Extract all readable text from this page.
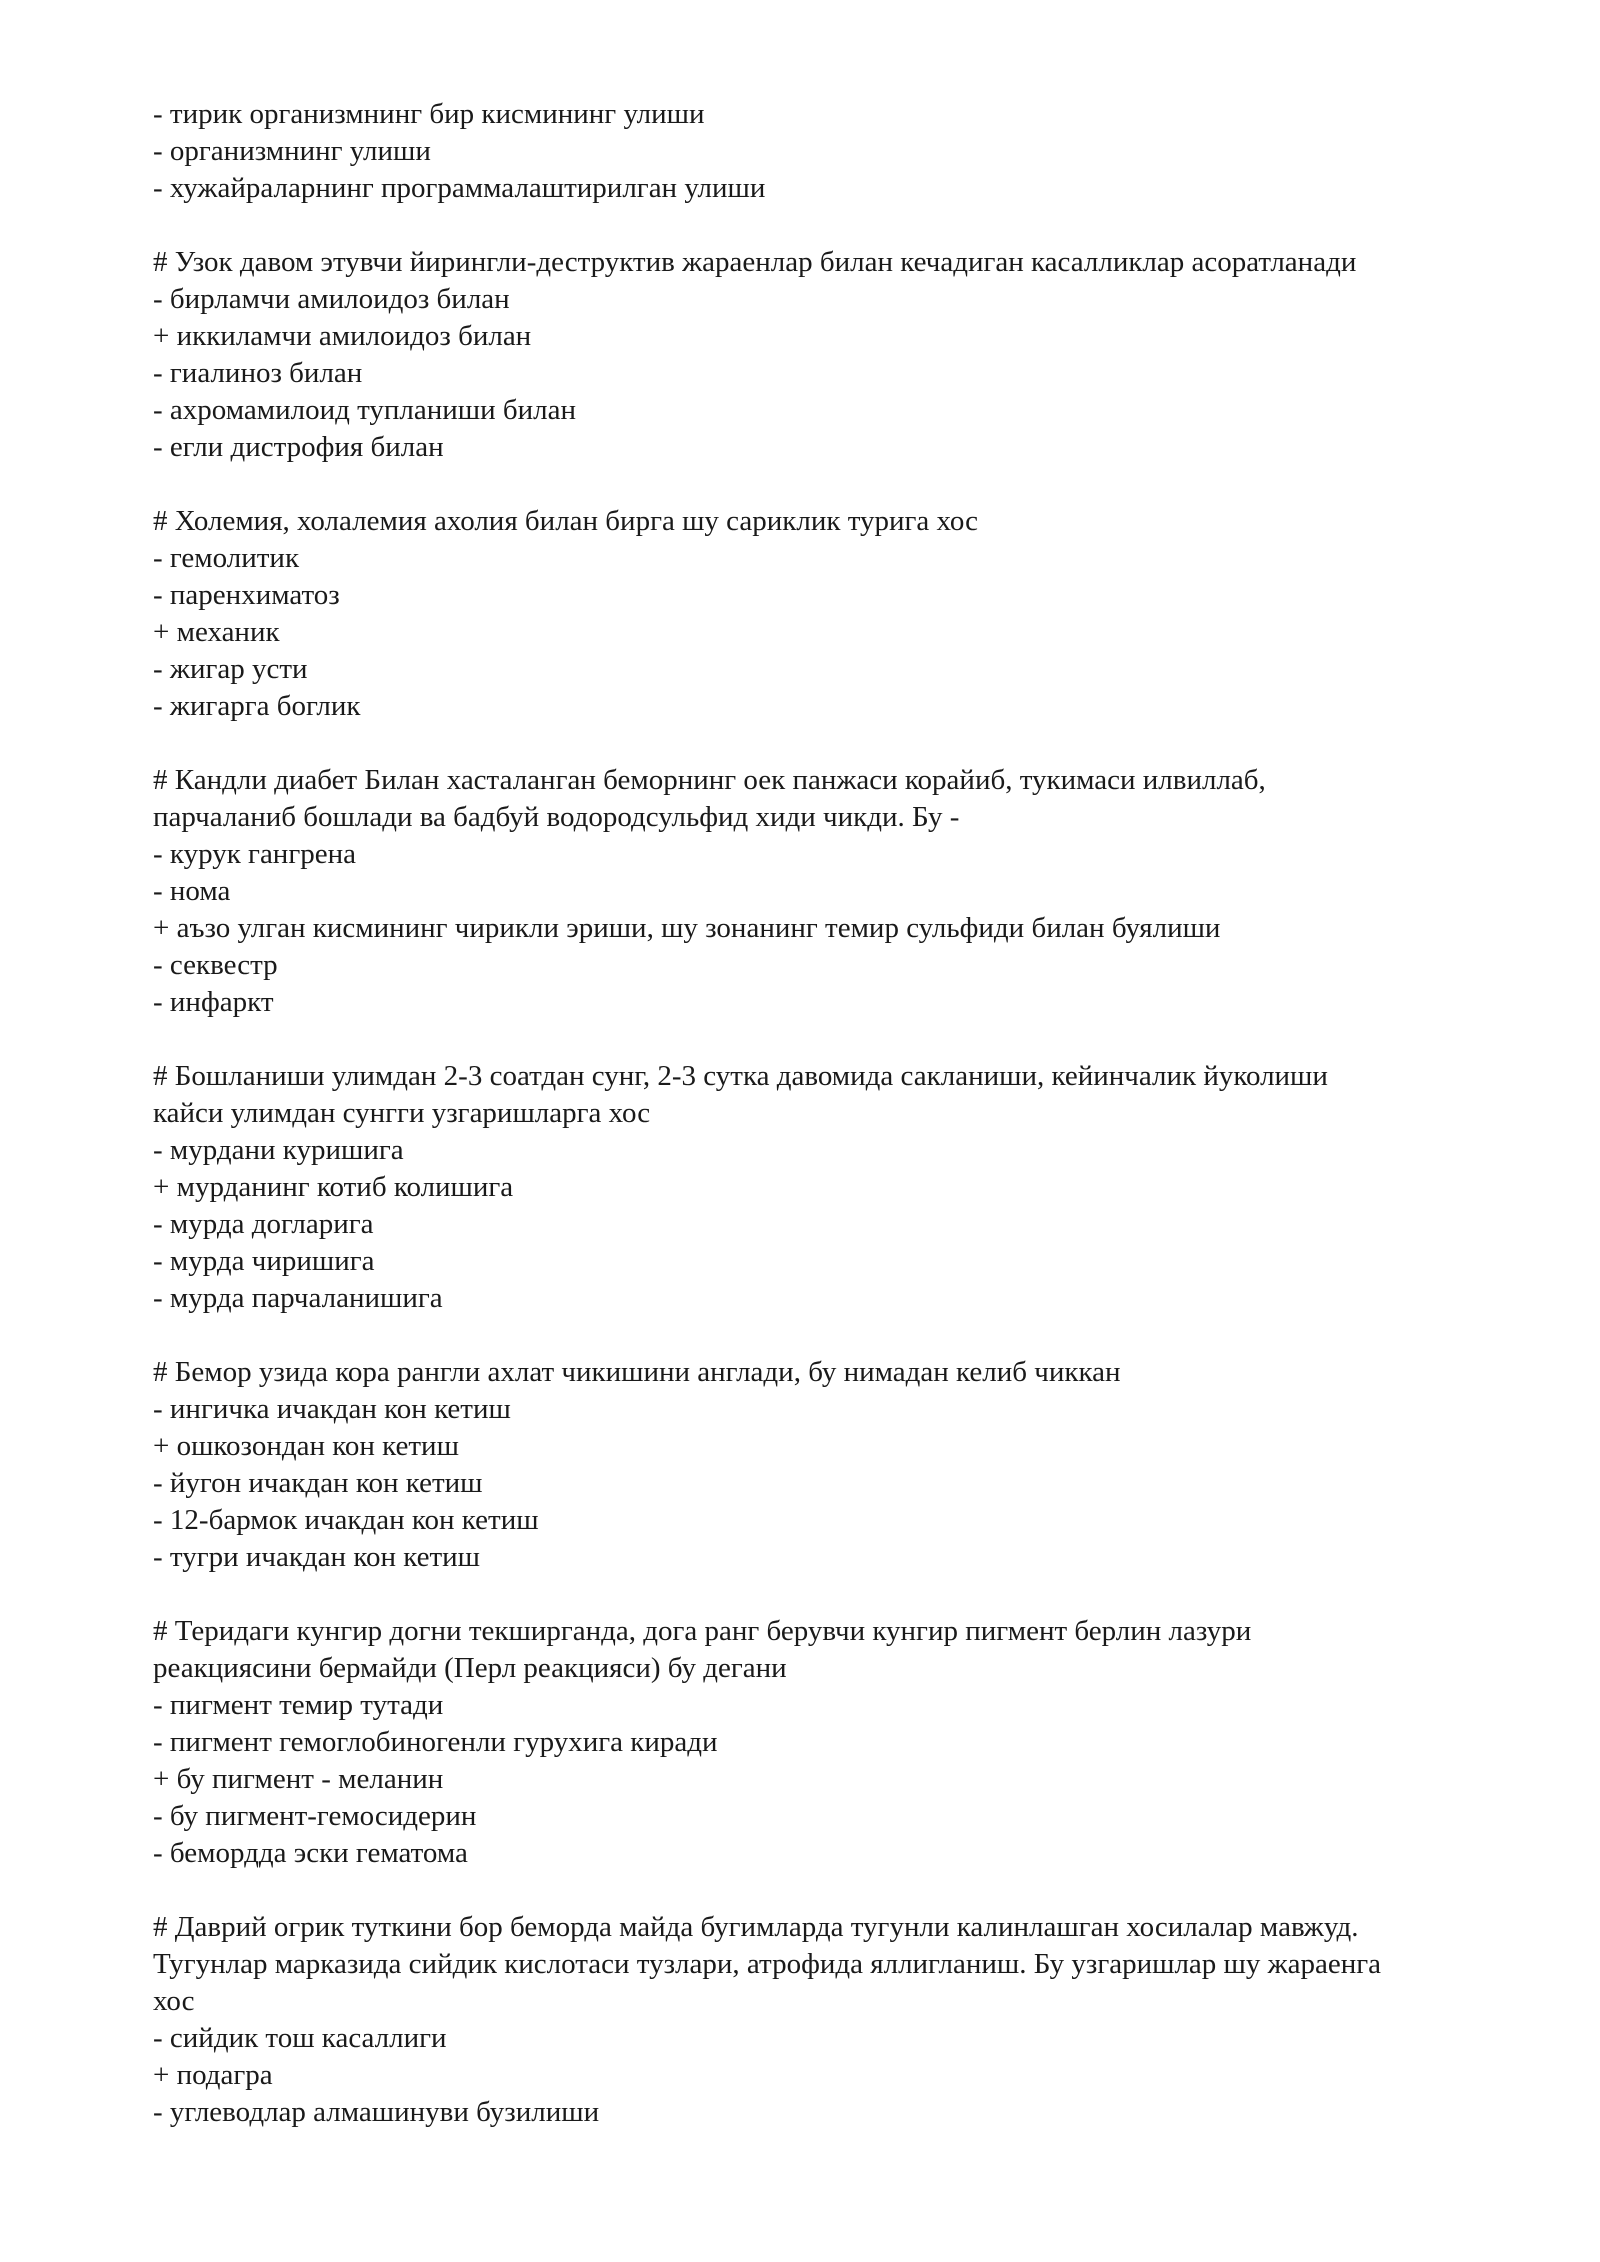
- тирик организмнинг бир кисмининг улиши
- организмнинг улиши
- хужайраларнинг программалаштирилган улиши
# Узок давом этувчи йирингли-деструктив жараенлар билан кечадиган касалликлар асоратланади
- бирламчи амилоидоз билан
+ иккиламчи амилоидоз билан
- гиалиноз билан
- ахромамилоид тупланиши билан
- егли дистрофия билан
# Холемия, холалемия ахолия билан бирга шу сариклик турига хос
- гемолитик
- паренхиматоз
+ механик
- жигар усти
- жигарга боглик
# Кандли диабет Билан хасталанган беморнинг оек панжаси корайиб, тукимаси илвиллаб,
парчаланиб бошлади ва бадбуй водородсульфид хиди чикди. Бу -
- курук гангрена
- нома
+ аъзо улган кисмининг чирикли эриши, шу зонанинг темир сульфиди билан буялиши
- секвестр
- инфаркт
# Бошланиши улимдан 2-3 соатдан сунг, 2-3 сутка давомида сакланиши, кейинчалик йуколиши
кайси улимдан сунгги узгаришларга хос
- мурдани куришига
+ мурданинг котиб колишига
- мурда догларига
- мурда чиришига
- мурда парчаланишига
# Бемор узида кора рангли ахлат чикишини англади, бу нимадан келиб чиккан
- ингичка ичакдан кон кетиш
+ ошкозондан кон кетиш
- йугон ичакдан кон кетиш
- 12-бармок ичакдан кон кетиш
- тугри ичакдан кон кетиш
# Теридаги кунгир догни текширганда, дога ранг берувчи кунгир пигмент берлин лазури
реакциясини бермайди (Перл реакцияси) бу дегани
- пигмент темир тутади
- пигмент гемоглобиногенли гурухига киради
+ бу пигмент - меланин
- бу пигмент-гемосидерин
- бемордда эски гематома
# Даврий огрик туткини бор беморда майда бугимларда тугунли калинлашган хосилалар мавжуд.
Тугунлар марказида сийдик кислотаси тузлари, атрофида яллигланиш. Бу узгаришлар шу жараенга
хос
- сийдик тош касаллиги
+ подагра
- углеводлар алмашинуви бузилиши
